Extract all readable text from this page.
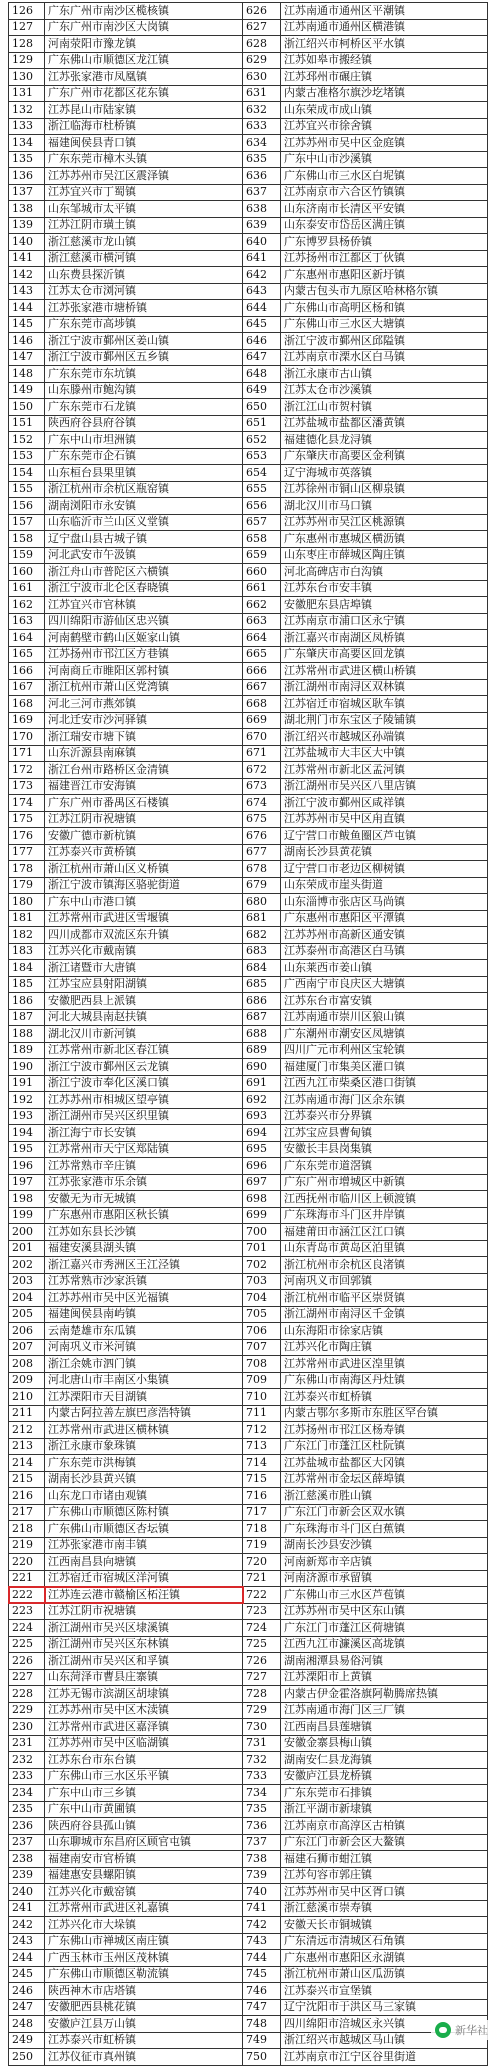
126	广东广州市南沙区榄核镇	626	江苏南通市通州区平潮镇
127	广东广州市南沙区大岗镇	627	江苏南通市通州区横港镇
128	河南荥阳市豫龙镇	628	浙江绍兴市柯桥区平水镇
129	广东佛山市顺德区龙江镇	629	江苏如皋市搬经镇
130	江苏张家港市凤凰镇	630	江苏邳州市碾庄镇
131	广东广州市花都区花东镇	631	内蒙古准格尔旗沙圪堵镇
132	江苏昆山市陆家镇	632	山东荣成市成山镇
133	浙江临海市杜桥镇	633	江苏宜兴市徐舍镇
134	福建闽侯县青口镇	634	江苏苏州市吴中区金庭镇
135	广东东莞市樟木头镇	635	广东中山市沙溪镇
136	江苏苏州市吴江区震泽镇	636	广东佛山市三水区白坭镇
137	江苏宜兴市丁蜀镇	637	江苏南京市六合区竹镇镇
138	山东邹城市太平镇	638	山东济南市长清区平安镇
139	江苏江阴市璜土镇	639	山东泰安市岱岳区满庄镇
140	浙江慈溪市龙山镇	640	广东博罗县杨侨镇
141	浙江慈溪市横河镇	641	江苏扬州市江都区丁伙镇
142	山东费县探沂镇	642	广东惠州市惠阳区新圩镇
143	江苏太仓市浏河镇	643	内蒙古包头市九原区哈林格尔镇
144	江苏张家港市塘桥镇	644	广东佛山市高明区杨和镇
145	广东东莞市高埗镇	645	广东佛山市三水区大塘镇
146	浙江宁波市鄞州区姜山镇	646	浙江宁波市鄞州区邱隘镇
147	浙江宁波市鄞州区五乡镇	647	江苏南京市溧水区白马镇
148	广东东莞市东坑镇	648	浙江永康市古山镇
149	山东滕州市鲍沟镇	649	江苏太仓市沙溪镇
150	广东东莞市石龙镇	650	浙江江山市贺村镇
151	陕西府谷县府谷镇	651	江苏盐城市盐都区潘黄镇
152	广东中山市坦洲镇	652	福建德化县龙浔镇
153	广东东莞市企石镇	653	广东肇庆市高要区金利镇
154	山东桓台县果里镇	654	辽宁海城市英落镇
155	浙江杭州市余杭区瓶窑镇	655	江苏徐州市铜山区柳泉镇
156	湖南浏阳市永安镇	656	湖北汉川市马口镇
157	山东临沂市兰山区义堂镇	657	江苏苏州市吴江区桃源镇
158	辽宁盘山县古城子镇	658	广东惠州市惠城区横沥镇
159	河北武安市午汲镇	659	山东枣庄市薛城区陶庄镇
160	浙江舟山市普陀区六横镇	660	河北高碑店市白沟镇
161	浙江宁波市北仑区春晓镇	661	江苏东台市安丰镇
162	江苏宜兴市官林镇	662	安徽肥东县店埠镇
163	四川绵阳市游仙区忠兴镇	663	江苏南京市浦口区永宁镇
164	河南鹤壁市鹤山区姬家山镇	664	浙江嘉兴市南湖区凤桥镇
165	江苏扬州市邗江区方巷镇	665	广东肇庆市高要区回龙镇
166	河南商丘市睢阳区郭村镇	666	江苏常州市武进区横山桥镇
167	浙江杭州市萧山区党湾镇	667	浙江湖州市南浔区双林镇
168	河北三河市燕郊镇	668	江苏宿迁市宿城区耿车镇
169	河北迁安市沙河驿镇	669	湖北荆门市东宝区子陵铺镇
170	浙江瑞安市塘下镇	670	浙江绍兴市越城区孙端镇
171	山东沂源县南麻镇	671	江苏盐城市大丰区大中镇
172	浙江台州市路桥区金清镇	672	江苏常州市新北区孟河镇
173	福建晋江市安海镇	673	浙江湖州市吴兴区八里店镇
174	广东广州市番禺区石楼镇	674	浙江宁波市鄞州区咸祥镇
175	江苏江阴市祝塘镇	675	江苏苏州市吴中区甪直镇
176	安徽广德市新杭镇	676	辽宁营口市鲅鱼圈区芦屯镇
177	江苏泰兴市黄桥镇	677	湖南长沙县黄花镇
178	浙江杭州市萧山区义桥镇	678	辽宁营口市老边区柳树镇
179	浙江宁波市镇海区骆驼街道	679	山东荣成市崖头街道
180	广东中山市港口镇	680	山东淄博市张店区马尚镇
181	江苏常州市武进区雪堰镇	681	广东惠州市惠阳区平潭镇
182	四川成都市双流区东升镇	682	江苏苏州市高新区通安镇
183	江苏兴化市戴南镇	683	江苏泰州市高港区白马镇
184	浙江诸暨市大唐镇	684	山东莱西市姜山镇
185	江苏宝应县射阳湖镇	685	广西南宁市良庆区大塘镇
186	安徽肥西县上派镇	686	江苏东台市富安镇
187	河北大城县南赵扶镇	687	江苏南通市崇川区狼山镇
188	湖北汉川市新河镇	688	广东潮州市潮安区凤塘镇
189	江苏常州市新北区春江镇	689	四川广元市利州区宝轮镇
190	浙江宁波市鄞州区云龙镇	690	福建厦门市集美区灌口镇
191	浙江宁波市奉化区溪口镇	691	江西九江市柴桑区港口街镇
192	江苏苏州市相城区望亭镇	692	江苏南通市海门区余东镇
193	浙江湖州市吴兴区织里镇	693	江苏泰兴市分界镇
194	浙江海宁市长安镇	694	江苏宝应县曹甸镇
195	江苏常州市天宁区郑陆镇	695	安徽长丰县岗集镇
196	江苏常熟市辛庄镇	696	广东东莞市道滘镇
197	江苏张家港市乐余镇	697	广东广州市增城区中新镇
198	安徽无为市无城镇	698	江西抚州市临川区上顿渡镇
199	广东惠州市惠阳区秋长镇	699	广东珠海市斗门区井岸镇
200	江苏如东县长沙镇	700	福建莆田市涵江区江口镇
201	福建安溪县湖头镇	701	山东青岛市黄岛区泊里镇
202	浙江嘉兴市秀洲区王江泾镇	702	浙江杭州市余杭区良渚镇
203	江苏常熟市沙家浜镇	703	河南巩义市回郭镇
204	江苏苏州市吴中区光福镇	704	浙江杭州市临平区崇贤镇
205	福建闽侯县南屿镇	705	浙江湖州市南浔区千金镇
206	云南楚雄市东瓜镇	706	山东海阳市徐家店镇
207	河南巩义市米河镇	707	江苏兴化市陶庄镇
208	浙江余姚市泗门镇	708	江苏常州市武进区湟里镇
209	河北唐山市丰南区小集镇	709	广东佛山市南海区丹灶镇
210	江苏溧阳市天目湖镇	710	江苏泰兴市虹桥镇
211	内蒙古阿拉善左旗巴彦浩特镇	711	内蒙古鄂尔多斯市东胜区罕台镇
212	江苏常州市武进区横林镇	712	江苏扬州市邗江区杨寿镇
213	浙江永康市象珠镇	713	广东江门市蓬江区杜阮镇
214	广东东莞市洪梅镇	714	江苏盐城市盐都区大冈镇
215	湖南长沙县黄兴镇	715	江苏常州市金坛区薛埠镇
216	山东龙口市诸由观镇	716	浙江慈溪市胜山镇
217	广东佛山市顺德区陈村镇	717	广东江门市新会区双水镇
218	广东佛山市顺德区杏坛镇	718	广东珠海市斗门区白蕉镇
219	江苏张家港市南丰镇	719	湖南长沙县安沙镇
220	江西南昌县向塘镇	720	河南新郑市辛店镇
221	江苏宿迁市宿城区洋河镇	721	河南济源市承留镇
222	江苏连云港市赣榆区柘汪镇	722	广东佛山市三水区芦苞镇
223	江苏江阴市祝塘镇	723	江苏苏州市吴中区东山镇
224	浙江湖州市吴兴区埭溪镇	724	广东江门市蓬江区荷塘镇
225	浙江湖州市吴兴区东林镇	725	江西九江市濂溪区高垅镇
226	浙江湖州市吴兴区和孚镇	726	湖南湘潭县易俗河镇
227	山东菏泽市曹县庄寨镇	727	江苏溧阳市上黄镇
228	江苏无锡市滨湖区胡埭镇	728	内蒙古伊金霍洛旗阿勒腾席热镇
229	江苏苏州市吴中区木渎镇	729	江苏南通市海门区三厂镇
230	江苏常州市武进区嘉泽镇	730	江西南昌县莲塘镇
231	江苏苏州市吴中区临湖镇	731	安徽金寨县梅山镇
232	江苏东台市东台镇	732	湖南安仁县龙海镇
233	广东佛山市三水区乐平镇	733	安徽庐江县龙桥镇
234	广东中山市三乡镇	734	广东东莞市石排镇
235	广东中山市黄圃镇	735	浙江平湖市新埭镇
236	陕西府谷县孤山镇	736	江苏南京市高淳区古柏镇
237	山东聊城市东昌府区顾官屯镇	737	广东江门市新会区大鳌镇
238	福建南安市官桥镇	738	福建石狮市蚶江镇
239	福建惠安县螺阳镇	739	江苏句容市郭庄镇
240	江苏兴化市戴窑镇	740	江苏苏州市吴中区胥口镇
241	江苏常州市武进区礼嘉镇	741	浙江慈溪市崇寿镇
242	江苏兴化市大垛镇	742	安徽天长市铜城镇
243	广东佛山市禅城区南庄镇	743	广东清远市清城区石角镇
244	广西玉林市玉州区茂林镇	744	广东惠州市惠阳区永湖镇
245	广东佛山市顺德区勒流镇	745	浙江杭州市萧山区瓜沥镇
246	陕西神木市店塔镇	746	江苏泰兴市宣堡镇
247	安徽肥西县桃花镇	747	辽宁沈阳市于洪区马三家镇
248	安徽庐江县万山镇	748	四川绵阳市涪城区永兴镇
249	江苏泰兴市虹桥镇	749	浙江绍兴市越城区马山镇
250	江苏仪征市真州镇	750	江苏南京市江宁区谷里街道
新华社
